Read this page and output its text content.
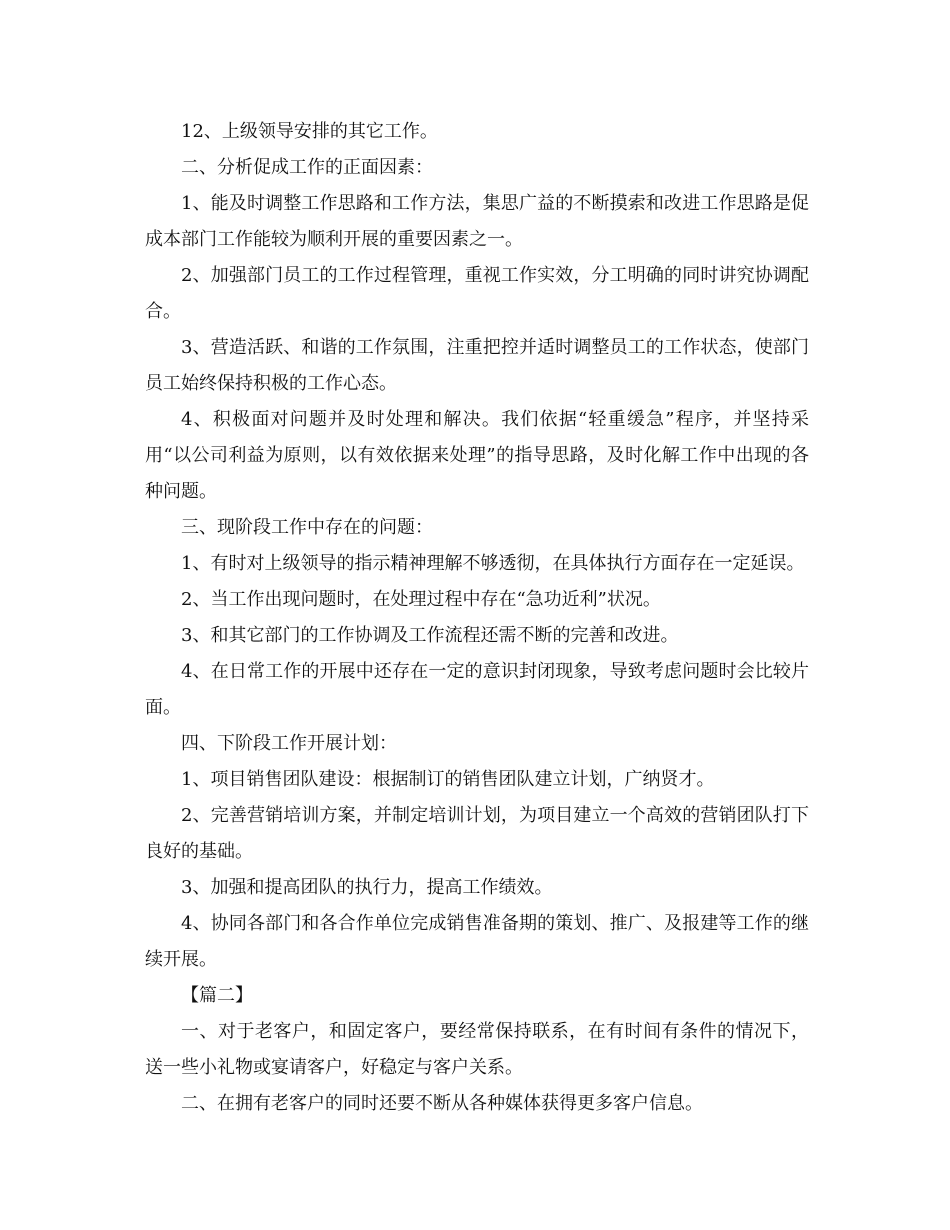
12、上级领导安排的其它工作。

二、分析促成工作的正面因素：

1、能及时调整工作思路和工作方法，集思广益的不断摸索和改进工作思路是促成本部门工作能较为顺利开展的重要因素之一。

2、加强部门员工的工作过程管理，重视工作实效，分工明确的同时讲究协调配合。

3、营造活跃、和谐的工作氛围，注重把控并适时调整员工的工作状态，使部门员工始终保持积极的工作心态。

4、积极面对问题并及时处理和解决。我们依据“轻重缓急”程序，并坚持采用“以公司利益为原则，以有效依据来处理”的指导思路，及时化解工作中出现的各种问题。

三、现阶段工作中存在的问题：

1、有时对上级领导的指示精神理解不够透彻，在具体执行方面存在一定延误。

2、当工作出现问题时，在处理过程中存在“急功近利”状况。

3、和其它部门的工作协调及工作流程还需不断的完善和改进。

4、在日常工作的开展中还存在一定的意识封闭现象，导致考虑问题时会比较片面。

四、下阶段工作开展计划：

1、项目销售团队建设：根据制订的销售团队建立计划，广纳贤才。

2、完善营销培训方案，并制定培训计划，为项目建立一个高效的营销团队打下良好的基础。

3、加强和提高团队的执行力，提高工作绩效。

4、协同各部门和各合作单位完成销售准备期的策划、推广、及报建等工作的继续开展。

【篇二】

一、对于老客户，和固定客户，要经常保持联系，在有时间有条件的情况下，送一些小礼物或宴请客户，好稳定与客户关系。

二、在拥有老客户的同时还要不断从各种媒体获得更多客户信息。
